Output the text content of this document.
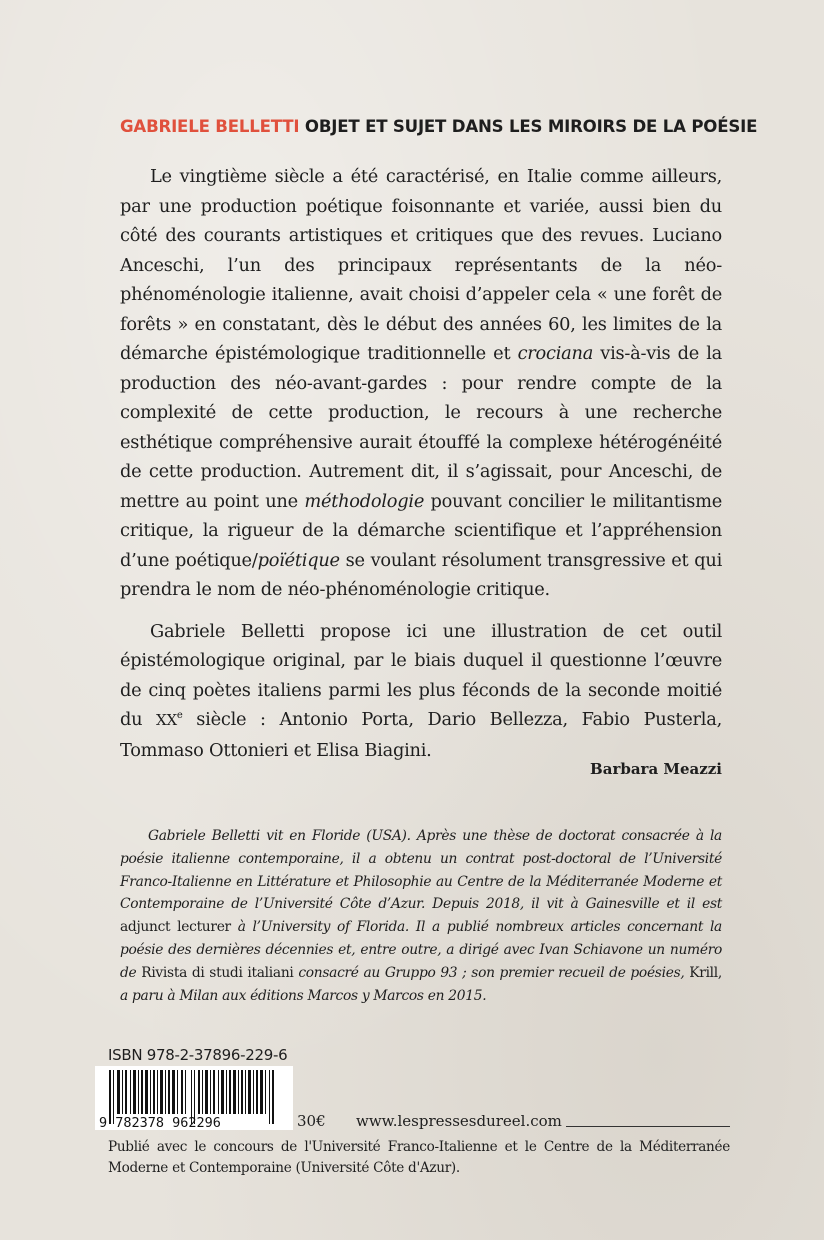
GABRIELE BELLETTI OBJET ET SUJET DANS LES MIROIRS DE LA POÉSIE

Le vingtième siècle a été caractérisé, en Italie comme ailleurs, par une production poétique foisonnante et variée, aussi bien du côté des courants artistiques et critiques que des revues. Luciano Anceschi, l’un des principaux représentants de la néo-phénoménologie italienne, avait choisi d’appeler cela « une forêt de forêts » en constatant, dès le début des années 60, les limites de la démarche épistémologique traditionnelle et crociana vis-à-vis de la production des néo-avant-gardes : pour rendre compte de la complexité de cette production, le recours à une recherche esthétique compréhensive aurait étouffé la complexe hétérogénéité de cette production. Autrement dit, il s’agissait, pour Anceschi, de mettre au point une méthodologie pouvant concilier le militantisme critique, la rigueur de la démarche scientifique et l’appréhension d’une poétique/poïétique se voulant résolument transgressive et qui prendra le nom de néo-phénoménologie critique.

Gabriele Belletti propose ici une illustration de cet outil épistémologique original, par le biais duquel il questionne l’œuvre de cinq poètes italiens parmi les plus féconds de la seconde moitié du XXe siècle : Antonio Porta, Dario Bellezza, Fabio Pusterla, Tommaso Ottonieri et Elisa Biagini.

Barbara Meazzi

Gabriele Belletti vit en Floride (USA). Après une thèse de doctorat consacrée à la poésie italienne contemporaine, il a obtenu un contrat post-doctoral de l’Université Franco-Italienne en Littérature et Philosophie au Centre de la Méditerranée Moderne et Contemporaine de l’Université Côte d’Azur. Depuis 2018, il vit à Gainesville et il est adjunct lecturer à l’University of Florida. Il a publié nombreux articles concernant la poésie des dernières décennies et, entre outre, a dirigé avec Ivan Schiavone un numéro de Rivista di studi italiani consacré au Gruppo 93 ; son premier recueil de poésies, Krill, a paru à Milan aux éditions Marcos y Marcos en 2015.

ISBN 978-2-37896-229-6
9 782378 962296	30€ www.lespressesdureel.com
Publié avec le concours de l'Université Franco-Italienne et le Centre de la Méditerranée Moderne et Contemporaine (Université Côte d'Azur).
